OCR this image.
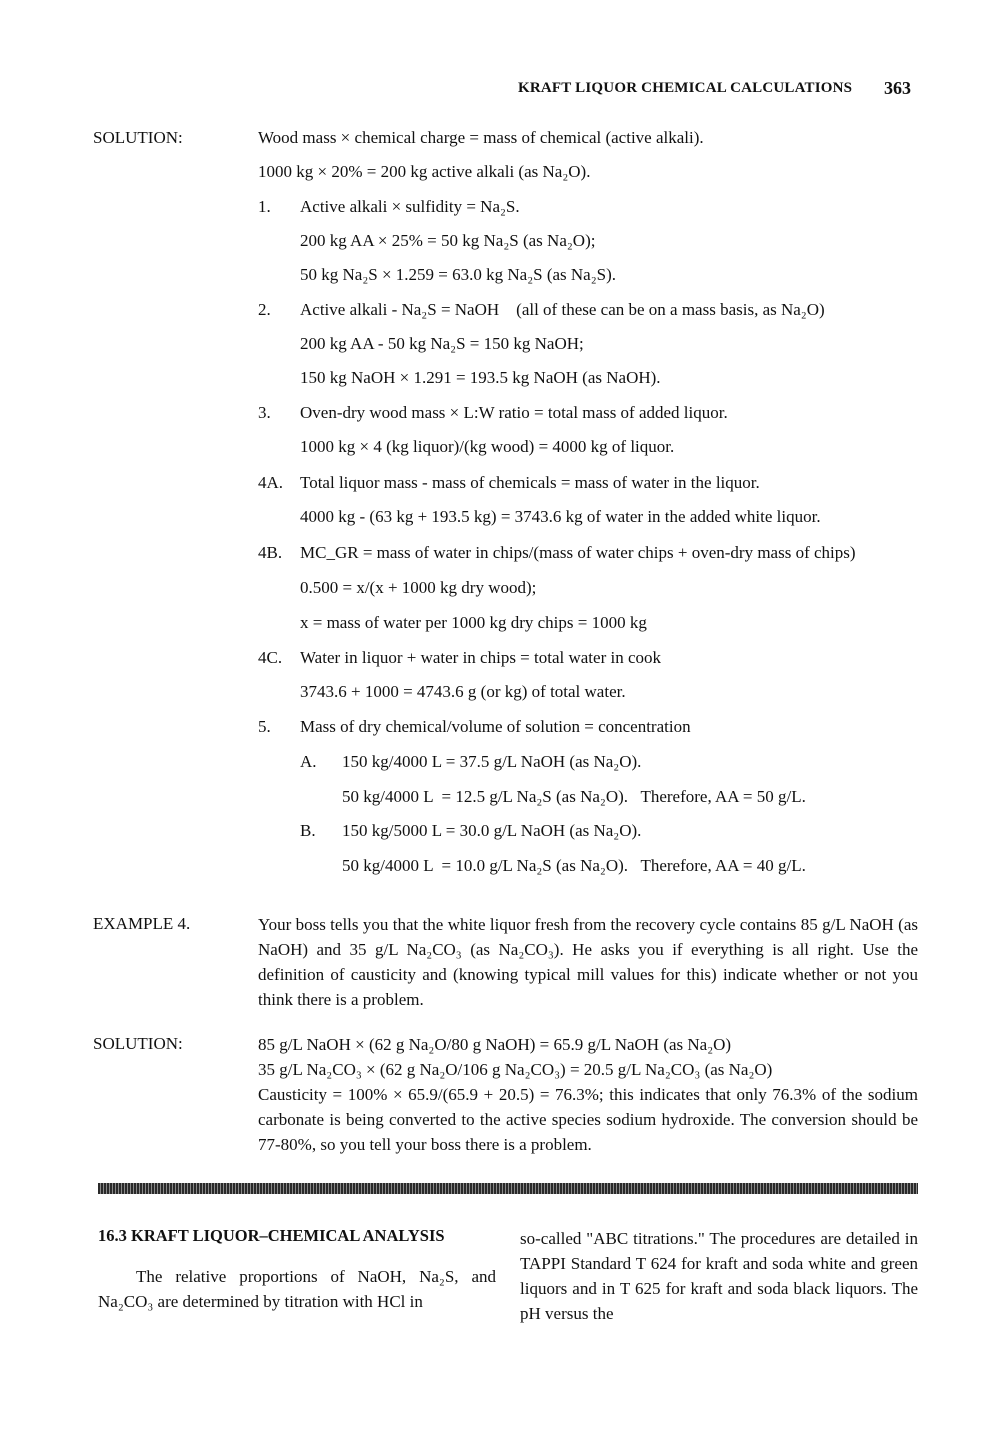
KRAFT LIQUOR CHEMICAL CALCULATIONS 363
SOLUTION:	Wood mass × chemical charge = mass of chemical (active alkali).
1000 kg × 20% = 200 kg active alkali (as Na₂O).
1. Active alkali × sulfidity = Na₂S.
200 kg AA × 25% = 50 kg Na₂S (as Na₂O);
50 kg Na₂S × 1.259 = 63.0 kg Na₂S (as Na₂S).
2. Active alkali - Na₂S = NaOH    (all of these can be on a mass basis, as Na₂O)
200 kg AA - 50 kg Na₂S = 150 kg NaOH;
150 kg NaOH × 1.291 = 193.5 kg NaOH (as NaOH).
3. Oven-dry wood mass × L:W ratio = total mass of added liquor.
1000 kg × 4 (kg liquor)/(kg wood) = 4000 kg of liquor.
4A. Total liquor mass - mass of chemicals = mass of water in the liquor.
4000 kg - (63 kg + 193.5 kg) = 3743.6 kg of water in the added white liquor.
4B. MC_GR = mass of water in chips/(mass of water chips + oven-dry mass of chips)
0.500 = x/(x + 1000 kg dry wood);
x = mass of water per 1000 kg dry chips = 1000 kg
4C. Water in liquor + water in chips = total water in cook
3743.6 + 1000 = 4743.6 g (or kg) of total water.
5. Mass of dry chemical/volume of solution = concentration
A. 150 kg/4000 L = 37.5 g/L NaOH (as Na₂O).
50 kg/4000 L  = 12.5 g/L Na₂S (as Na₂O).   Therefore, AA = 50 g/L.
B. 150 kg/5000 L = 30.0 g/L NaOH (as Na₂O).
50 kg/4000 L  = 10.0 g/L Na₂S (as Na₂O).   Therefore, AA = 40 g/L.
EXAMPLE 4.	Your boss tells you that the white liquor fresh from the recovery cycle contains 85 g/L NaOH (as NaOH) and 35 g/L Na₂CO₃ (as Na₂CO₃). He asks you if everything is all right. Use the definition of causticity and (knowing typical mill values for this) indicate whether or not you think there is a problem.

SOLUTION:	85 g/L NaOH × (62 g Na₂O/80 g NaOH) = 65.9 g/L NaOH (as Na₂O)

35 g/L Na₂CO₃ × (62 g Na₂O/106 g Na₂CO₃) = 20.5 g/L Na₂CO₃ (as Na₂O)

Causticity = 100% × 65.9/(65.9 + 20.5) = 76.3%; this indicates that only 76.3% of the sodium carbonate is being converted to the active species sodium hydroxide. The conversion should be 77-80%, so you tell your boss there is a problem.

16.3 KRAFT LIQUOR–CHEMICAL ANALYSIS

The relative proportions of NaOH, Na₂S, and Na₂CO₃ are determined by titration with HCl in

so-called "ABC titrations." The procedures are detailed in TAPPI Standard T 624 for kraft and soda white and green liquors and in T 625 for kraft and soda black liquors. The pH versus the
